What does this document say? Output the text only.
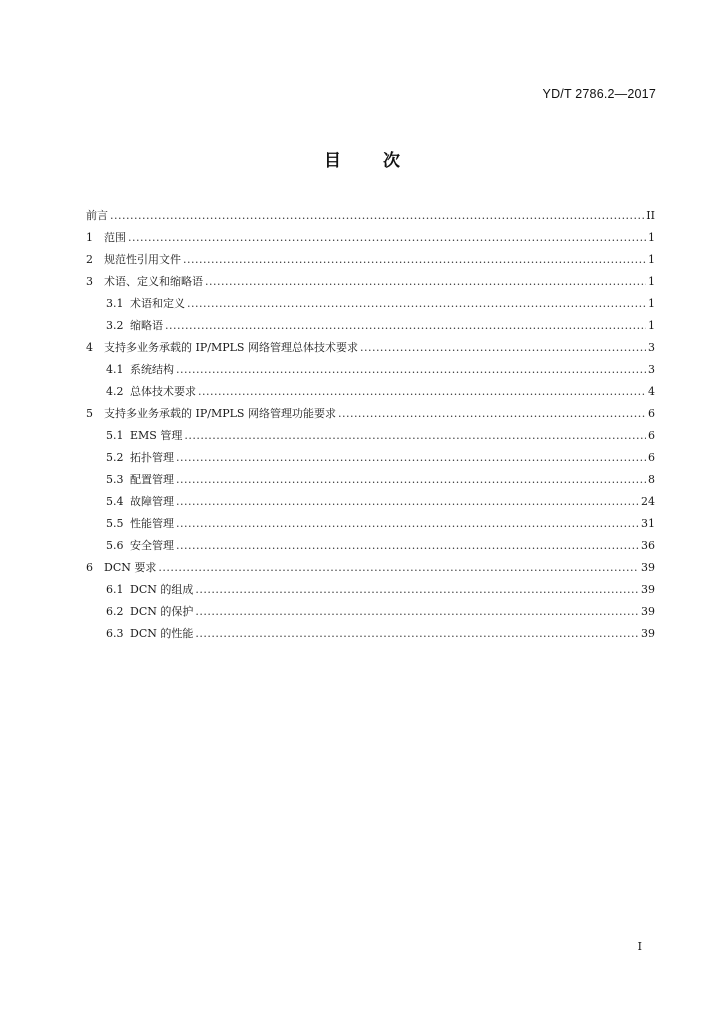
YD/T 2786.2—2017
目 次
前言 .....	II
1	范围 .....	1
2	规范性引用文件 .....	1
3	术语、定义和缩略语 .....	1
3.1 术语和定义 .....	1
3.2 缩略语 .....	1
4	支持多业务承载的 IP/MPLS 网络管理总体技术要求 .....	3
4.1 系统结构 .....	3
4.2 总体技术要求 .....	4
5	支持多业务承载的 IP/MPLS 网络管理功能要求 .....	6
5.1 EMS 管理 .....	6
5.2 拓扑管理 .....	6
5.3 配置管理 .....	8
5.4 故障管理 .....	24
5.5 性能管理 .....	31
5.6 安全管理 .....	36
6	DCN 要求 .....	39
6.1 DCN 的组成 .....	39
6.2 DCN 的保护 .....	39
6.3 DCN 的性能 .....	39
I
